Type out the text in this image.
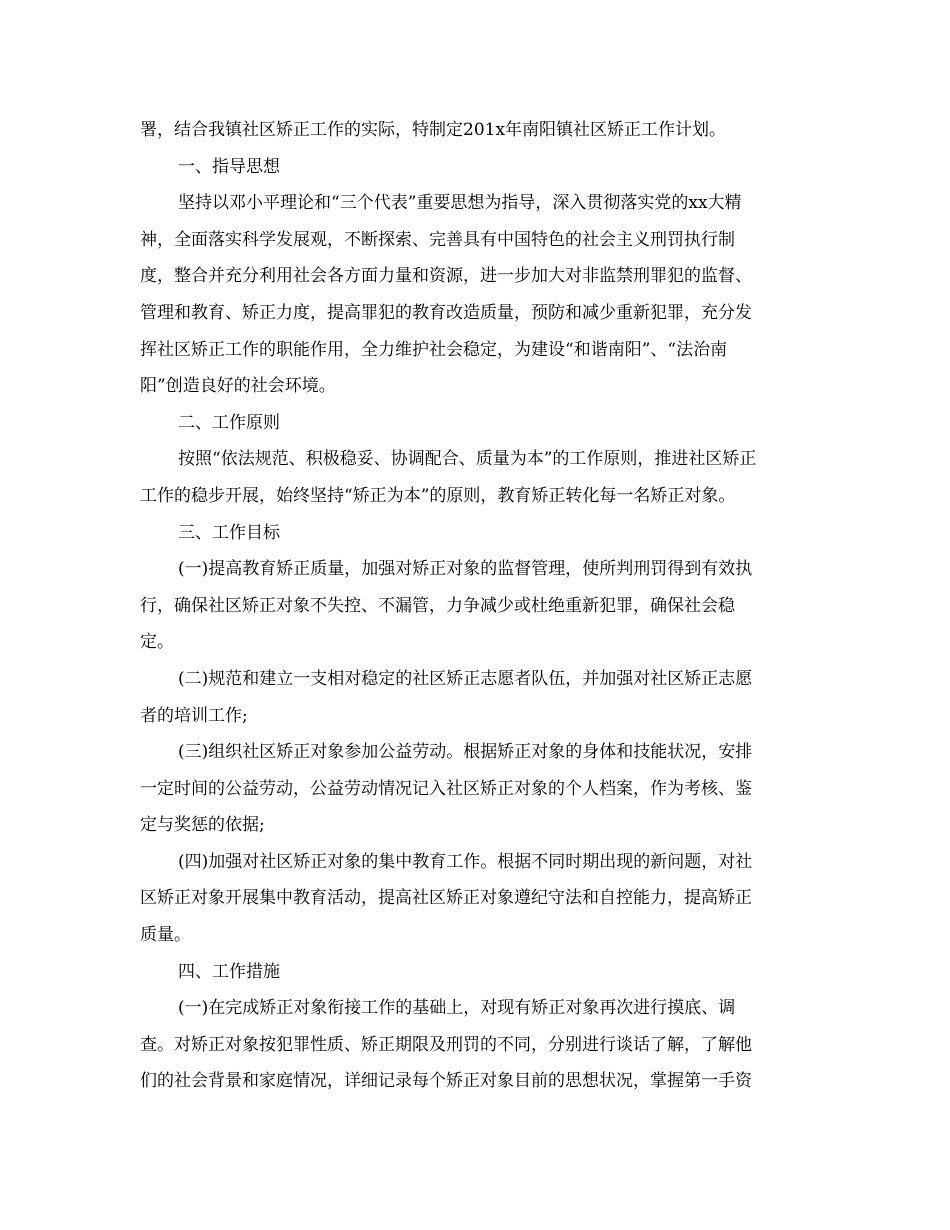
署，结合我镇社区矫正工作的实际，特制定201x年南阳镇社区矫正工作计划。
一、指导思想
坚持以邓小平理论和“三个代表”重要思想为指导，深入贯彻落实党的xx大精
神，全面落实科学发展观，不断探索、完善具有中国特色的社会主义刑罚执行制
度，整合并充分利用社会各方面力量和资源，进一步加大对非监禁刑罪犯的监督、
管理和教育、矫正力度，提高罪犯的教育改造质量，预防和减少重新犯罪，充分发
挥社区矫正工作的职能作用，全力维护社会稳定，为建设“和谐南阳”、“法治南
阳”创造良好的社会环境。
二、工作原则
按照“依法规范、积极稳妥、协调配合、质量为本”的工作原则，推进社区矫正
工作的稳步开展，始终坚持“矫正为本”的原则，教育矫正转化每一名矫正对象。
三、工作目标
(一)提高教育矫正质量，加强对矫正对象的监督管理，使所判刑罚得到有效执
行，确保社区矫正对象不失控、不漏管，力争减少或杜绝重新犯罪，确保社会稳
定。
(二)规范和建立一支相对稳定的社区矫正志愿者队伍，并加强对社区矫正志愿
者的培训工作;
(三)组织社区矫正对象参加公益劳动。根据矫正对象的身体和技能状况，安排
一定时间的公益劳动，公益劳动情况记入社区矫正对象的个人档案，作为考核、鉴
定与奖惩的依据;
(四)加强对社区矫正对象的集中教育工作。根据不同时期出现的新问题，对社
区矫正对象开展集中教育活动，提高社区矫正对象遵纪守法和自控能力，提高矫正
质量。
四、工作措施
(一)在完成矫正对象衔接工作的基础上，对现有矫正对象再次进行摸底、调
查。对矫正对象按犯罪性质、矫正期限及刑罚的不同，分别进行谈话了解，了解他
们的社会背景和家庭情况，详细记录每个矫正对象目前的思想状况，掌握第一手资
